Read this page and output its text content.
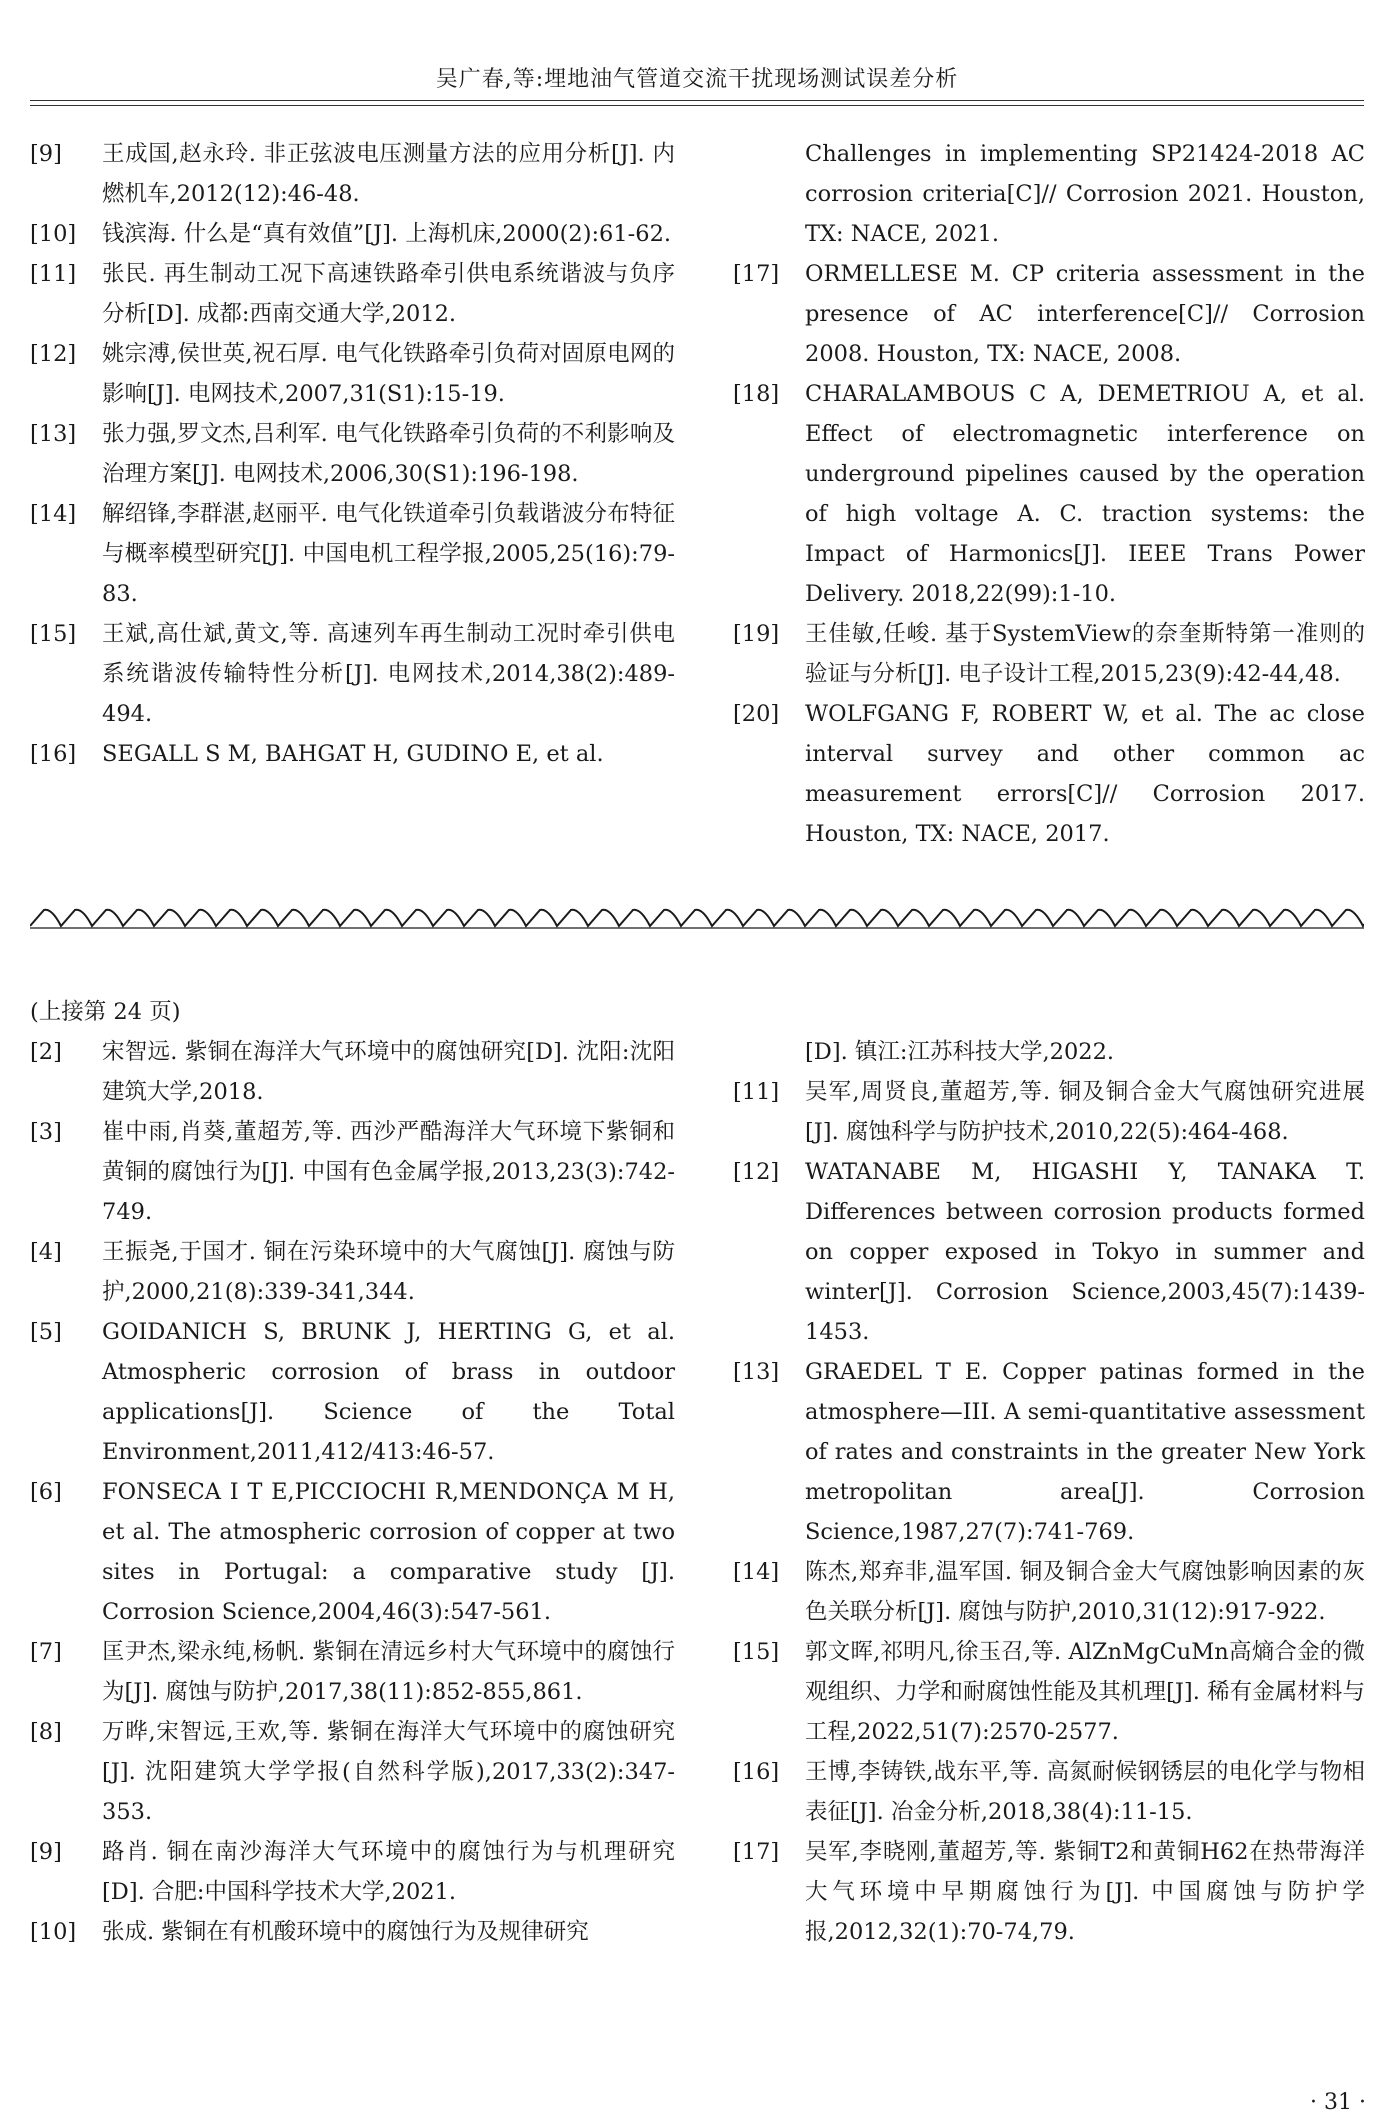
吴广春,等:埋地油气管道交流干扰现场测试误差分析

[9]	王成国,赵永玲. 非正弦波电压测量方法的应用分析[J]. 内燃机车,2012(12):46-48.

[10]	钱滨海. 什么是“真有效值”[J]. 上海机床,2000(2):61-62.

[11]	张民. 再生制动工况下高速铁路牵引供电系统谐波与负序分析[D]. 成都:西南交通大学,2012.

[12]	姚宗溥,侯世英,祝石厚. 电气化铁路牵引负荷对固原电网的影响[J]. 电网技术,2007,31(S1):15-19.

[13]	张力强,罗文杰,吕利军. 电气化铁路牵引负荷的不利影响及治理方案[J]. 电网技术,2006,30(S1):196-198.

[14]	解绍锋,李群湛,赵丽平. 电气化铁道牵引负载谐波分布特征与概率模型研究[J]. 中国电机工程学报,2005,25(16):79-83.

[15]	王斌,高仕斌,黄文,等. 高速列车再生制动工况时牵引供电系统谐波传输特性分析[J]. 电网技术,2014,38(2):489-494.

[16]	SEGALL S M, BAHGAT H, GUDINO E, et al.

Challenges in implementing SP21424-2018 AC corrosion criteria[C]// Corrosion 2021. Houston, TX: NACE, 2021.

[17]	ORMELLESE M. CP criteria assessment in the presence of AC interference[C]// Corrosion 2008. Houston, TX: NACE, 2008.

[18]	CHARALAMBOUS C A, DEMETRIOU A, et al. Effect of electromagnetic interference on underground pipelines caused by the operation of high voltage A. C. traction systems: the Impact of Harmonics[J]. IEEE Trans Power Delivery. 2018,22(99):1-10.

[19]	王佳敏,任峻. 基于SystemView的奈奎斯特第一准则的验证与分析[J]. 电子设计工程,2015,23(9):42-44,48.

[20]	WOLFGANG F, ROBERT W, et al. The ac close interval survey and other common ac measurement errors[C]// Corrosion 2017. Houston, TX: NACE, 2017.

(上接第 24 页)

[2]	宋智远. 紫铜在海洋大气环境中的腐蚀研究[D]. 沈阳:沈阳建筑大学,2018.

[3]	崔中雨,肖葵,董超芳,等. 西沙严酷海洋大气环境下紫铜和黄铜的腐蚀行为[J]. 中国有色金属学报,2013,23(3):742-749.

[4]	王振尧,于国才. 铜在污染环境中的大气腐蚀[J]. 腐蚀与防护,2000,21(8):339-341,344.

[5]	GOIDANICH S, BRUNK J, HERTING G, et al. Atmospheric corrosion of brass in outdoor applications[J]. Science of the Total Environment,2011,412/413:46-57.

[6]	FONSECA I T E,PICCIOCHI R,MENDONÇA M H, et al. The atmospheric corrosion of copper at two sites in Portugal: a comparative study [J]. Corrosion Science,2004,46(3):547-561.

[7]	匡尹杰,梁永纯,杨帆. 紫铜在清远乡村大气环境中的腐蚀行为[J]. 腐蚀与防护,2017,38(11):852-855,861.

[8]	万晔,宋智远,王欢,等. 紫铜在海洋大气环境中的腐蚀研究[J]. 沈阳建筑大学学报(自然科学版),2017,33(2):347-353.

[9]	路肖. 铜在南沙海洋大气环境中的腐蚀行为与机理研究[D]. 合肥:中国科学技术大学,2021.

[10]	张成. 紫铜在有机酸环境中的腐蚀行为及规律研究

[D]. 镇江:江苏科技大学,2022.

[11]	吴军,周贤良,董超芳,等. 铜及铜合金大气腐蚀研究进展[J]. 腐蚀科学与防护技术,2010,22(5):464-468.

[12]	WATANABE M, HIGASHI Y, TANAKA T. Differences between corrosion products formed on copper exposed in Tokyo in summer and winter[J]. Corrosion Science,2003,45(7):1439-1453.

[13]	GRAEDEL T E. Copper patinas formed in the atmosphere—III. A semi-quantitative assessment of rates and constraints in the greater New York metropolitan area[J]. Corrosion Science,1987,27(7):741-769.

[14]	陈杰,郑弃非,温军国. 铜及铜合金大气腐蚀影响因素的灰色关联分析[J]. 腐蚀与防护,2010,31(12):917-922.

[15]	郭文晖,祁明凡,徐玉召,等. AlZnMgCuMn高熵合金的微观组织、力学和耐腐蚀性能及其机理[J]. 稀有金属材料与工程,2022,51(7):2570-2577.

[16]	王博,李铸铁,战东平,等. 高氮耐候钢锈层的电化学与物相表征[J]. 冶金分析,2018,38(4):11-15.

[17]	吴军,李晓刚,董超芳,等. 紫铜T2和黄铜H62在热带海洋大气环境中早期腐蚀行为[J]. 中国腐蚀与防护学报,2012,32(1):70-74,79.

· 31 ·
